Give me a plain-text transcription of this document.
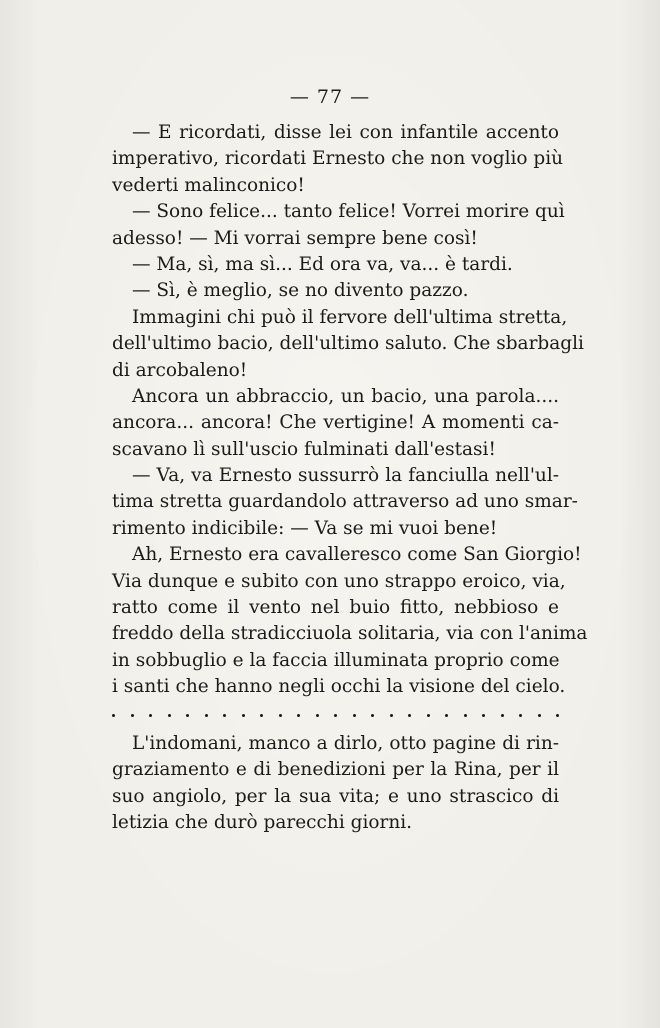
— 77 —
— E ricordati, disse lei con infantile accento
imperativo, ricordati Ernesto che non voglio più
vederti malinconico!
— Sono felice... tanto felice! Vorrei morire quì
adesso! — Mi vorrai sempre bene così!
— Ma, sì, ma sì... Ed ora va, va... è tardi.
— Sì, è meglio, se no divento pazzo.
Immagini chi può il fervore dell'ultima stretta,
dell'ultimo bacio, dell'ultimo saluto. Che sbarbagli
di arcobaleno!
Ancora un abbraccio, un bacio, una parola....
ancora... ancora! Che vertigine! A momenti ca-
scavano lì sull'uscio fulminati dall'estasi!
— Va, va Ernesto sussurrò la fanciulla nell'ul-
tima stretta guardandolo attraverso ad uno smar-
rimento indicibile: — Va se mi vuoi bene!
Ah, Ernesto era cavalleresco come San Giorgio!
Via dunque e subito con uno strappo eroico, via,
ratto come il vento nel buio fitto, nebbioso e
freddo della stradicciuola solitaria, via con l'anima
in sobbuglio e la faccia illuminata proprio come
i santi che hanno negli occhi la visione del cielo.
L'indomani, manco a dirlo, otto pagine di rin-
graziamento e di benedizioni per la Rina, per il
suo angiolo, per la sua vita; e uno strascico di
letizia che durò parecchi giorni.
